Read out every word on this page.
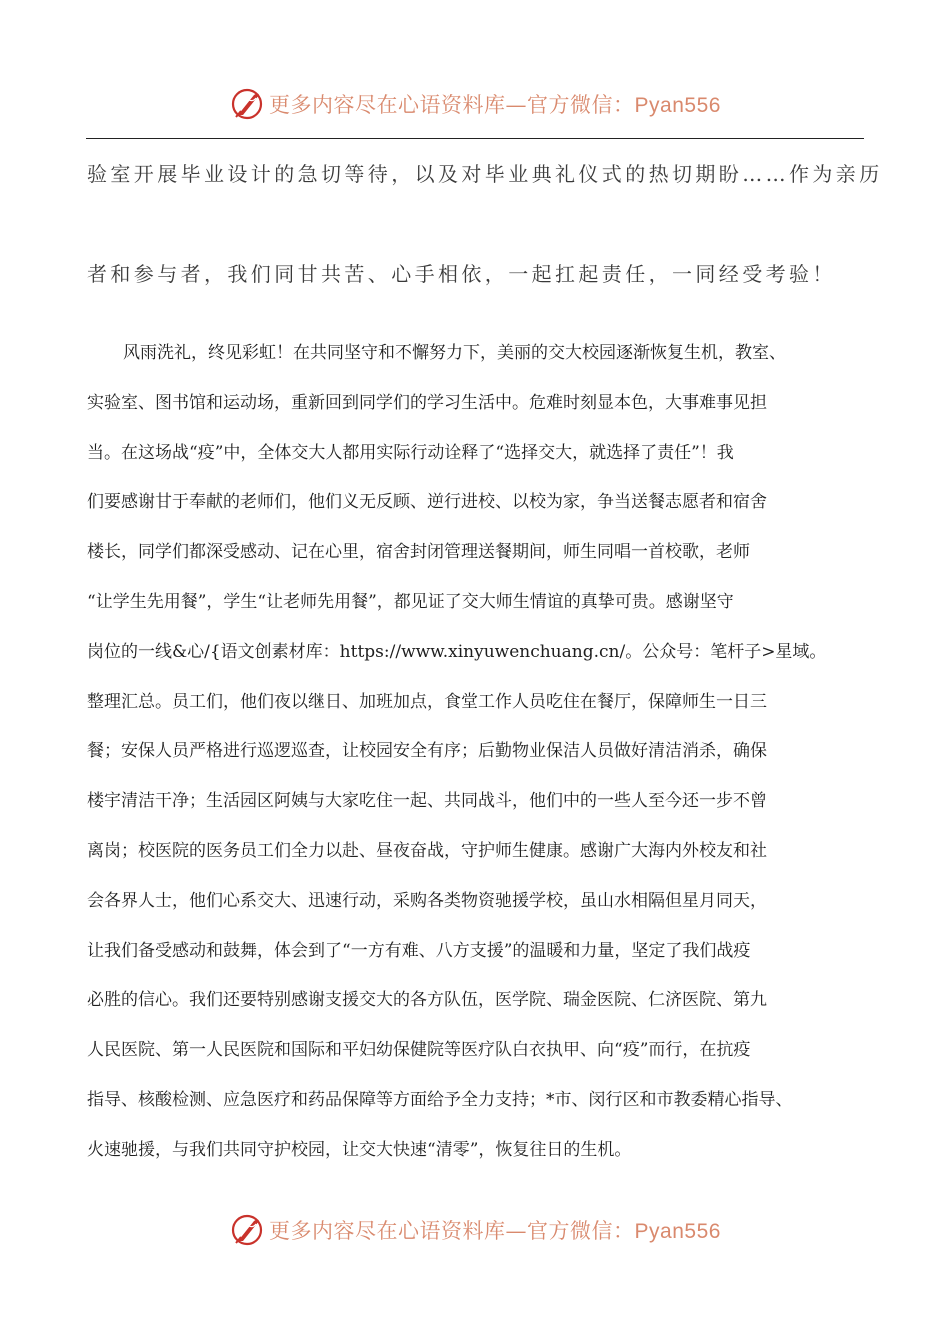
更多内容尽在心语资料库—官方微信：Pyan556
验室开展毕业设计的急切等待，以及对毕业典礼仪式的热切期盼……作为亲历
者和参与者，我们同甘共苦、心手相依，一起扛起责任，一同经受考验！
风雨洗礼，终见彩虹！在共同坚守和不懈努力下，美丽的交大校园逐渐恢复生机，教室、
实验室、图书馆和运动场，重新回到同学们的学习生活中。危难时刻显本色，大事难事见担
当。在这场战“疫”中，全体交大人都用实际行动诠释了“选择交大，就选择了责任”！我
们要感谢甘于奉献的老师们，他们义无反顾、逆行进校、以校为家，争当送餐志愿者和宿舍
楼长，同学们都深受感动、记在心里，宿舍封闭管理送餐期间，师生同唱一首校歌，老师
“让学生先用餐”，学生“让老师先用餐”，都见证了交大师生情谊的真挚可贵。感谢坚守
岗位的一线&心/{语文创素材库：https://www.xinyuwenchuang.cn/。公众号：笔杆子>星域。
整理汇总。员工们，他们夜以继日、加班加点，食堂工作人员吃住在餐厅，保障师生一日三
餐；安保人员严格进行巡逻巡查，让校园安全有序；后勤物业保洁人员做好清洁消杀，确保
楼宇清洁干净；生活园区阿姨与大家吃住一起、共同战斗，他们中的一些人至今还一步不曾
离岗；校医院的医务员工们全力以赴、昼夜奋战，守护师生健康。感谢广大海内外校友和社
会各界人士，他们心系交大、迅速行动，采购各类物资驰援学校，虽山水相隔但星月同天，
让我们备受感动和鼓舞，体会到了“一方有难、八方支援”的温暖和力量，坚定了我们战疫
必胜的信心。我们还要特别感谢支援交大的各方队伍，医学院、瑞金医院、仁济医院、第九
人民医院、第一人民医院和国际和平妇幼保健院等医疗队白衣执甲、向“疫”而行，在抗疫
指导、核酸检测、应急医疗和药品保障等方面给予全力支持；*市、闵行区和市教委精心指导、
火速驰援，与我们共同守护校园，让交大快速“清零”，恢复往日的生机。
更多内容尽在心语资料库—官方微信：Pyan556
